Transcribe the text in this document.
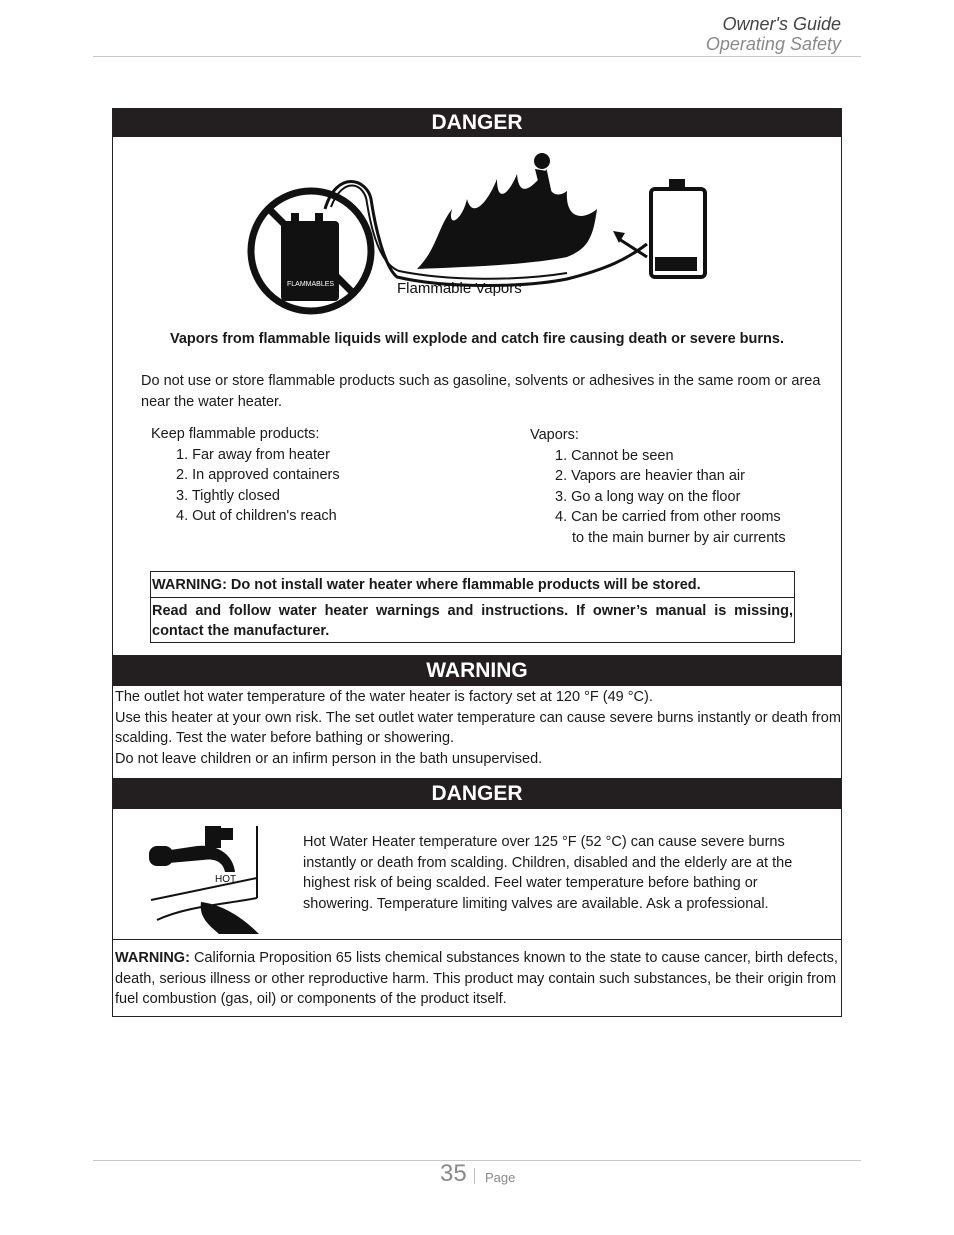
Owner's Guide
Operating Safety
DANGER
FLAMMABLES	Flammable Vapors
Vapors from flammable liquids will explode and catch fire causing death or severe burns.
Do not use or store flammable products such as gasoline, solvents or adhesives in the same room or area near the water heater.
Keep flammable products:
1. Far away from heater
2. In approved containers
3. Tightly closed
4. Out of children's reach
Vapors:
1. Cannot be seen
2. Vapors are heavier than air
3. Go a long way on the floor
4. Can be carried from other rooms
to the main burner by air currents
WARNING: Do not install water heater where flammable products will be stored.
Read and follow water heater warnings and instructions. If owner’s manual is missing, contact the manufacturer.
WARNING
The outlet hot water temperature of the water heater is factory set at 120 °F (49 °C).
Use this heater at your own risk. The set outlet water temperature can cause severe burns instantly or death from scalding. Test the water before bathing or showering.
Do not leave children or an infirm person in the bath unsupervised.
DANGER
HOT
Hot Water Heater temperature over 125 °F (52 °C) can cause severe burns instantly or death from scalding. Children, disabled and the elderly are at the highest risk of being scalded. Feel water temperature before bathing or showering. Temperature limiting valves are available. Ask a professional.
WARNING: California Proposition 65 lists chemical substances known to the state to cause cancer, birth defects, death, serious illness or other reproductive harm. This product may contain such substances, be their origin from fuel combustion (gas, oil) or components of the product itself.
35 Page
